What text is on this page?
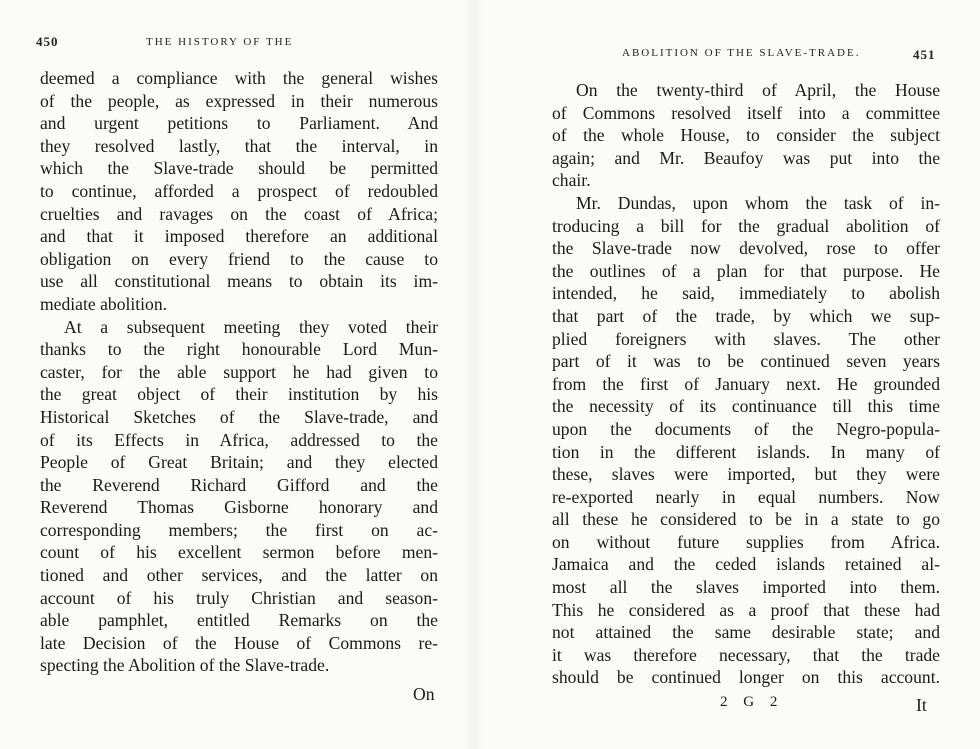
450	THE HISTORY OF THE
deemed a compliance with the general wishes
of the people, as expressed in their numerous
and urgent petitions to Parliament. And
they resolved lastly, that the interval, in
which the Slave-trade should be permitted
to continue, afforded a prospect of redoubled
cruelties and ravages on the coast of Africa;
and that it imposed therefore an additional
obligation on every friend to the cause to
use all constitutional means to obtain its im-
mediate abolition.
At a subsequent meeting they voted their
thanks to the right honourable Lord Mun-
caster, for the able support he had given to
the great object of their institution by his
Historical Sketches of the Slave-trade, and
of its Effects in Africa, addressed to the
People of Great Britain; and they elected
the Reverend Richard Gifford and the
Reverend Thomas Gisborne honorary and
corresponding members; the first on ac-
count of his excellent sermon before men-
tioned and other services, and the latter on
account of his truly Christian and season-
able pamphlet, entitled Remarks on the
late Decision of the House of Commons re-
specting the Abolition of the Slave-trade.
On
ABOLITION OF THE SLAVE-TRADE.	451
On the twenty-third of April, the House
of Commons resolved itself into a committee
of the whole House, to consider the subject
again; and Mr. Beaufoy was put into the
chair.
Mr. Dundas, upon whom the task of in-
troducing a bill for the gradual abolition of
the Slave-trade now devolved, rose to offer
the outlines of a plan for that purpose. He
intended, he said, immediately to abolish
that part of the trade, by which we sup-
plied foreigners with slaves. The other
part of it was to be continued seven years
from the first of January next. He grounded
the necessity of its continuance till this time
upon the documents of the Negro-popula-
tion in the different islands. In many of
these, slaves were imported, but they were
re-exported nearly in equal numbers. Now
all these he considered to be in a state to go
on without future supplies from Africa.
Jamaica and the ceded islands retained al-
most all the slaves imported into them.
This he considered as a proof that these had
not attained the same desirable state; and
it was therefore necessary, that the trade
should be continued longer on this account.
2 G 2	It
